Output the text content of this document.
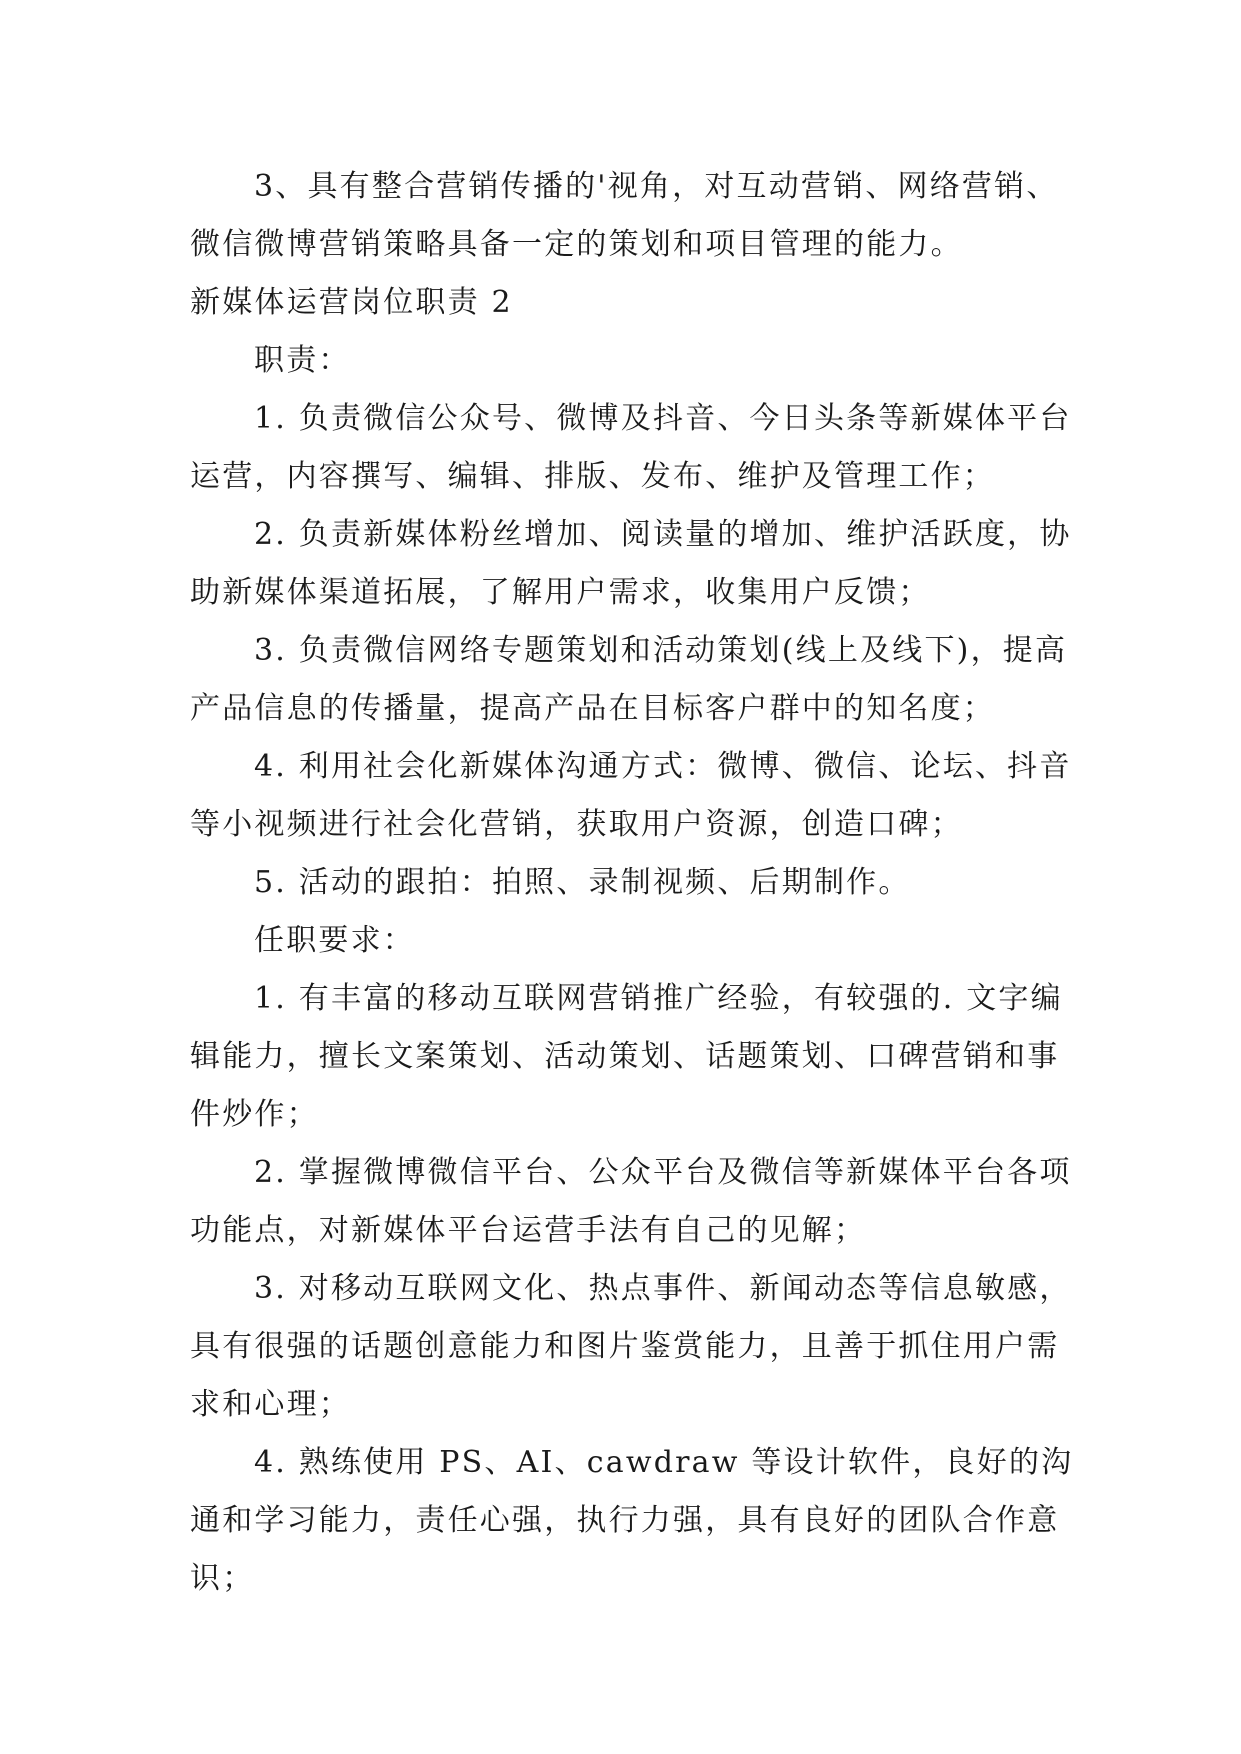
3、具有整合营销传播的'视角，对互动营销、网络营销、微信微博营销策略具备一定的策划和项目管理的能力。

新媒体运营岗位职责 2

职责：

1. 负责微信公众号、微博及抖音、今日头条等新媒体平台运营，内容撰写、编辑、排版、发布、维护及管理工作；

2. 负责新媒体粉丝增加、阅读量的增加、维护活跃度，协助新媒体渠道拓展，了解用户需求，收集用户反馈；

3. 负责微信网络专题策划和活动策划(线上及线下)，提高产品信息的传播量，提高产品在目标客户群中的知名度；

4. 利用社会化新媒体沟通方式：微博、微信、论坛、抖音等小视频进行社会化营销，获取用户资源，创造口碑；

5. 活动的跟拍：拍照、录制视频、后期制作。

任职要求：

1. 有丰富的移动互联网营销推广经验，有较强的. 文字编辑能力，擅长文案策划、活动策划、话题策划、口碑营销和事件炒作；

2. 掌握微博微信平台、公众平台及微信等新媒体平台各项功能点，对新媒体平台运营手法有自己的见解；

3. 对移动互联网文化、热点事件、新闻动态等信息敏感，具有很强的话题创意能力和图片鉴赏能力，且善于抓住用户需求和心理；

4. 熟练使用 PS、AI、cawdraw 等设计软件，良好的沟通和学习能力，责任心强，执行力强，具有良好的团队合作意识；
